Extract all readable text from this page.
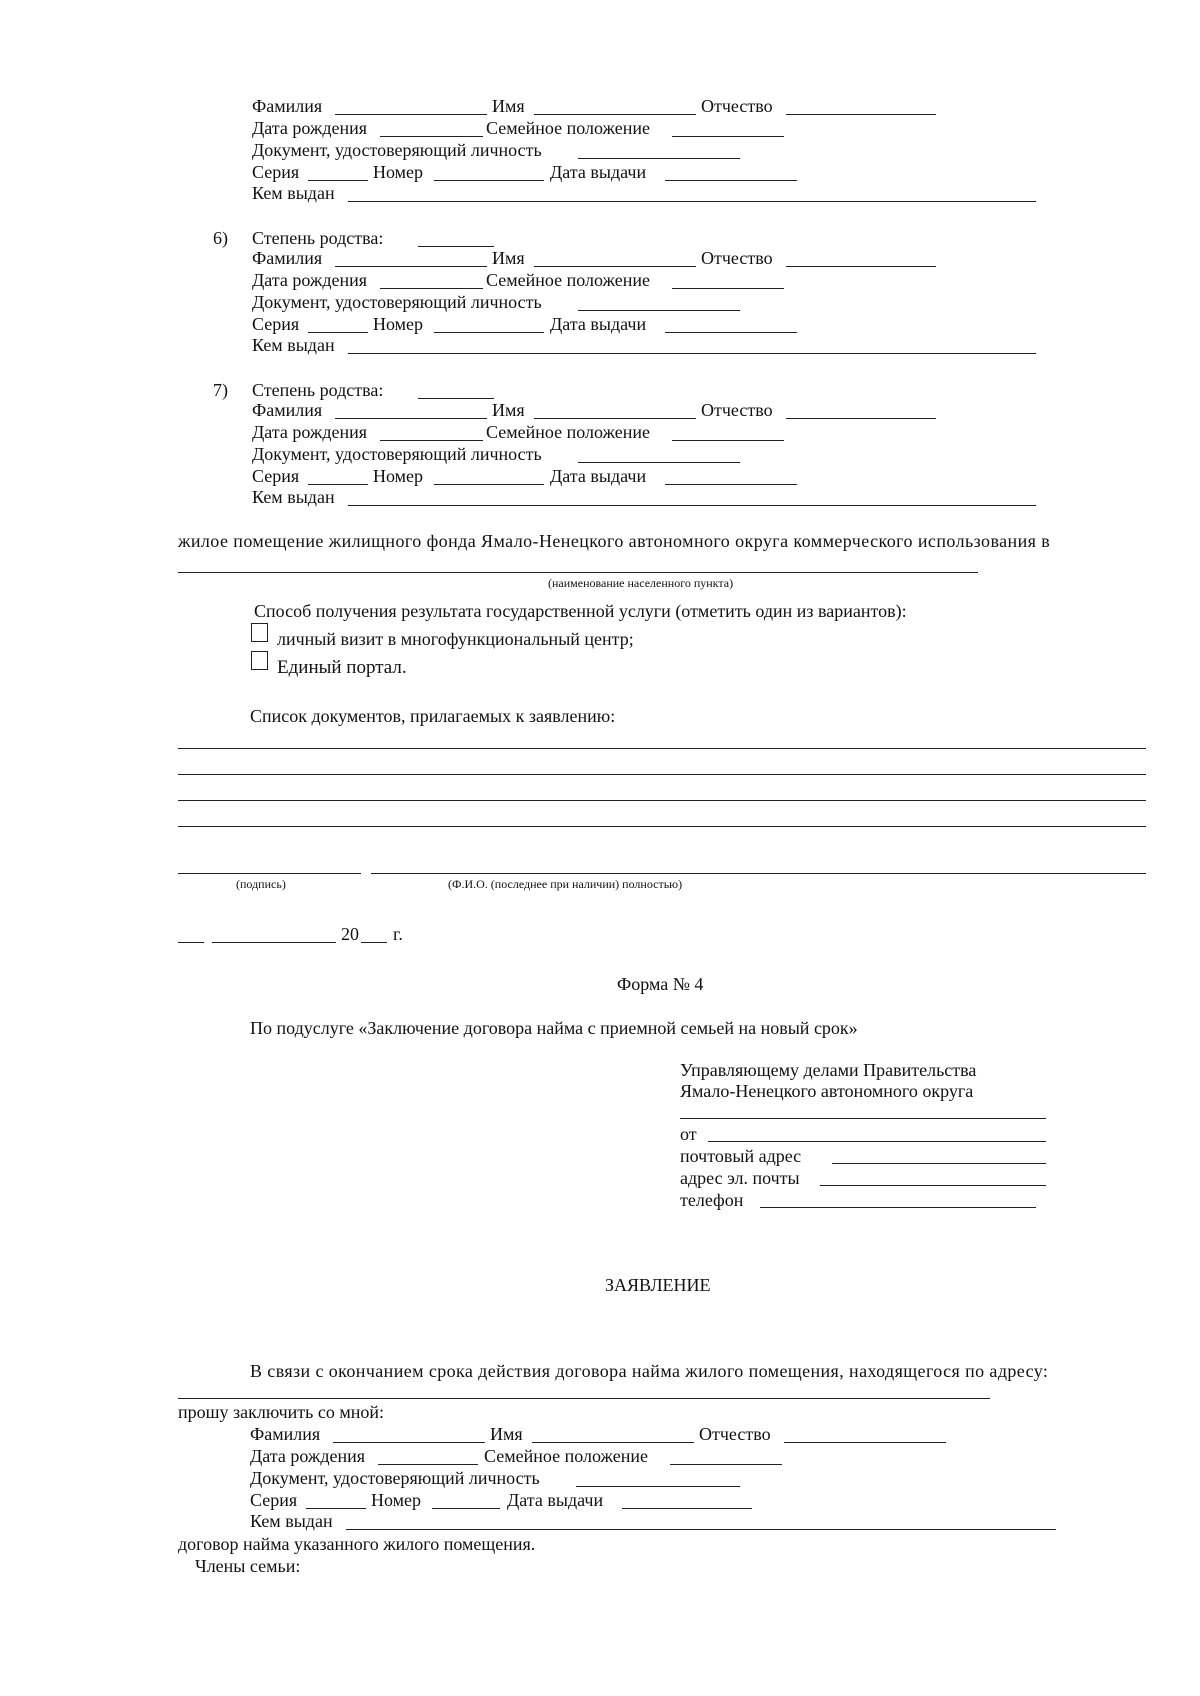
Фамилия	Имя	Отчество
Дата рождения	Семейное положение
Документ, удостоверяющий личность
Серия	Номер	Дата выдачи
Кем выдан
6) Степень родства:
Фамилия	Имя	Отчество
Дата рождения	Семейное положение
Документ, удостоверяющий личность
Серия	Номер	Дата выдачи
Кем выдан
7) Степень родства:
Фамилия	Имя	Отчество
Дата рождения	Семейное положение
Документ, удостоверяющий личность
Серия	Номер	Дата выдачи
Кем выдан
жилое помещение жилищного фонда Ямало-Ненецкого автономного округа коммерческого использования в
(наименование населенного пункта)
Способ получения результата государственной услуги (отметить один из вариантов):
личный визит в многофункциональный центр;
Единый портал.
Список документов, прилагаемых к заявлению:
(подпись)	(Ф.И.О. (последнее при наличии) полностью)
20 г.
Форма № 4
По подуслуге «Заключение договора найма с приемной семьей на новый срок»
Управляющему делами Правительства
Ямало-Ненецкого автономного округа
от
почтовый адрес
адрес эл. почты
телефон
ЗАЯВЛЕНИЕ
В связи с окончанием срока действия договора найма жилого помещения, находящегося по адресу:
прошу заключить со мной:
Фамилия	Имя	Отчество
Дата рождения	Семейное положение
Документ, удостоверяющий личность
Серия	Номер	Дата выдачи
Кем выдан
договор найма указанного жилого помещения.
Члены семьи:
